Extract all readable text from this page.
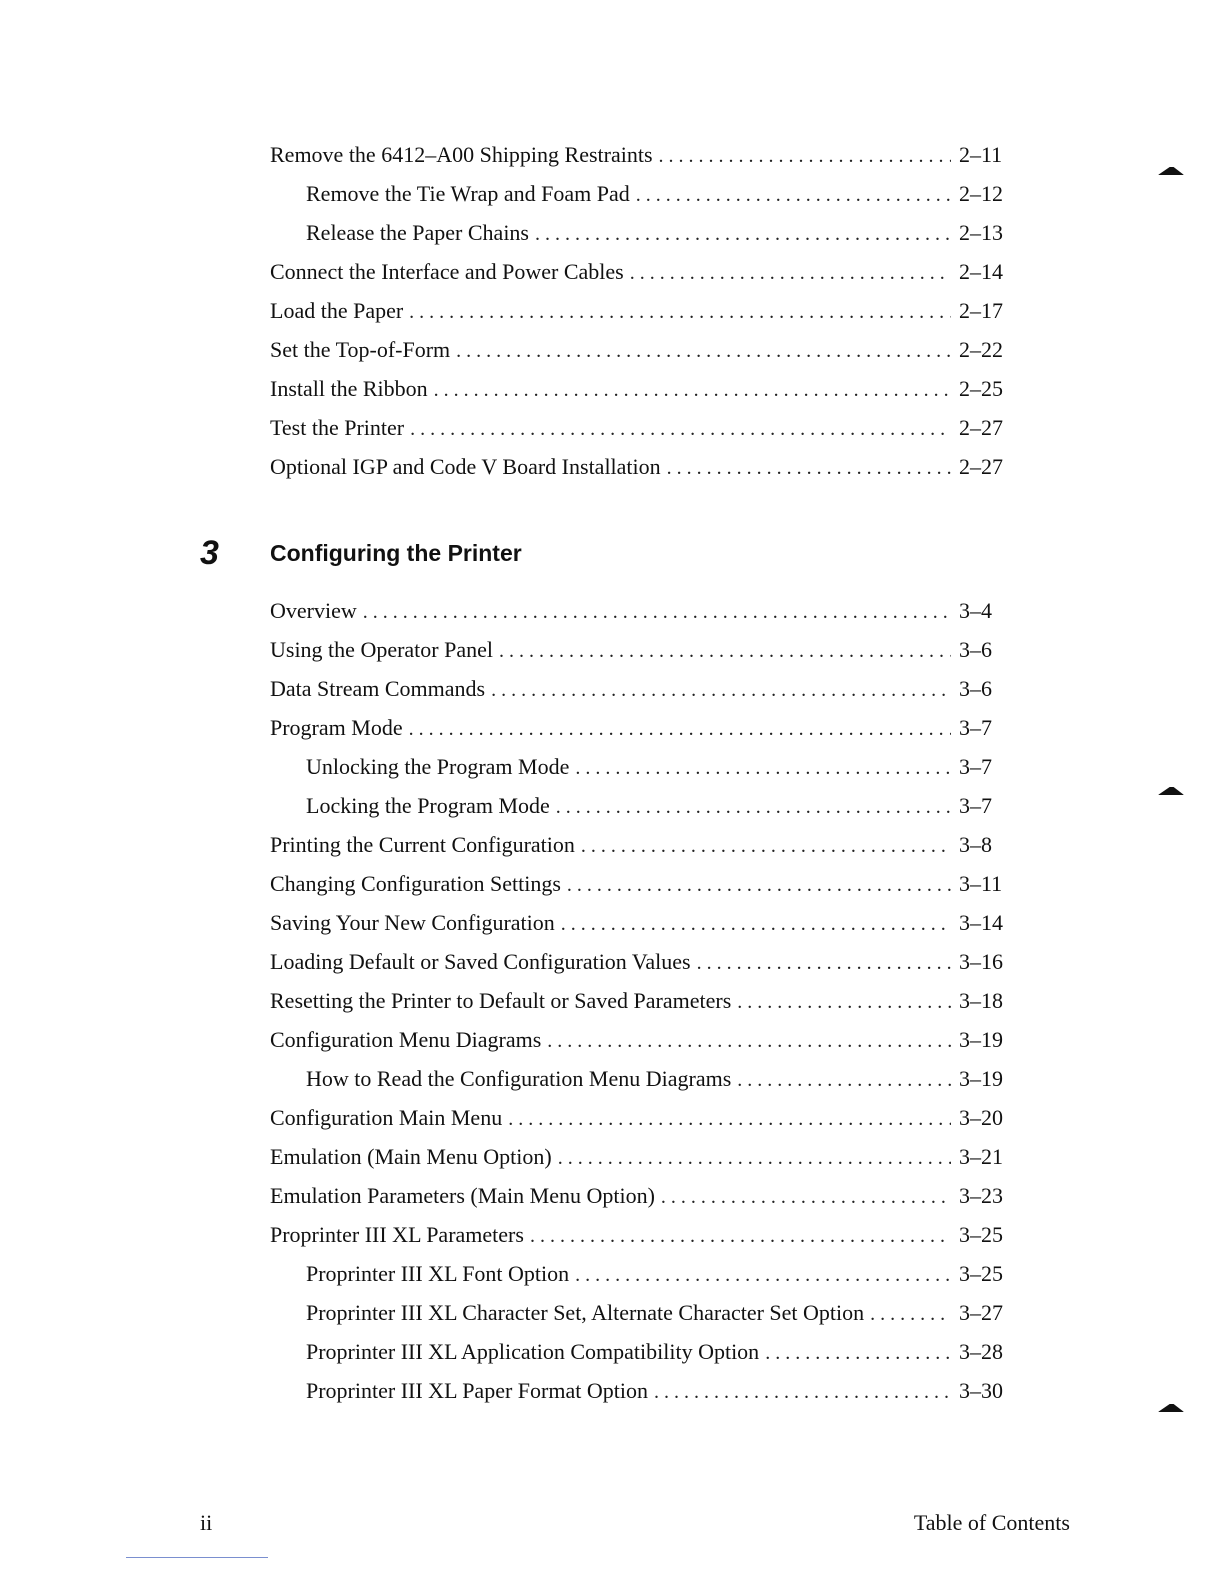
Remove the 6412–A00 Shipping Restraints . . .	2–11
Remove the Tie Wrap and Foam Pad . . .	2–12
Release the Paper Chains . . .	2–13
Connect the Interface and Power Cables . . .	2–14
Load the Paper . . .	2–17
Set the Top-of-Form . . .	2–22
Install the Ribbon . . .	2–25
Test the Printer . . .	2–27
Optional IGP and Code V Board Installation . . .	2–27
3	Configuring the Printer
Overview . . .	3–4
Using the Operator Panel . . .	3–6
Data Stream Commands . . .	3–6
Program Mode . . .	3–7
Unlocking the Program Mode . . .	3–7
Locking the Program Mode . . .	3–7
Printing the Current Configuration . . .	3–8
Changing Configuration Settings . . .	3–11
Saving Your New Configuration . . .	3–14
Loading Default or Saved Configuration Values . . .	3–16
Resetting the Printer to Default or Saved Parameters . . .	3–18
Configuration Menu Diagrams . . .	3–19
How to Read the Configuration Menu Diagrams . . .	3–19
Configuration Main Menu . . .	3–20
Emulation (Main Menu Option) . . .	3–21
Emulation Parameters (Main Menu Option) . . .	3–23
Proprinter III XL Parameters . . .	3–25
Proprinter III XL Font Option . . .	3–25
Proprinter III XL Character Set, Alternate Character Set Option . . .	3–27
Proprinter III XL Application Compatibility Option . . .	3–28
Proprinter III XL Paper Format Option . . .	3–30
ii	Table of Contents
